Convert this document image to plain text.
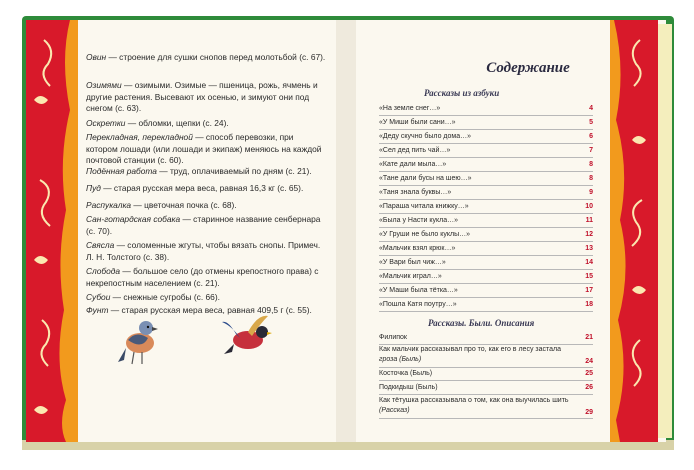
Овин — строение для сушки снопов перед молотьбой (с. 67).
Озимями — озимыми. Озимые — пшеница, рожь, ячмень и другие растения. Высевают их осенью, и зимуют они под снегом (с. 63).
Оскретки — обломки, щепки (с. 24).
Перекладная, перекладной — способ перевозки, при котором лошади (или лошади и экипаж) меняюсь на каждой почтовой станции (с. 60).
Подённая работа — труд, оплачиваемый по дням (с. 21).
Пуд — старая русская мера веса, равная 16,3 кг (с. 65).
Распукалка — цветочная почка (с. 68).
Сан-готардская собака — старинное название сенбернара (с. 70).
Свясла — соломенные жгуты, чтобы вязать снопы. Примеч. Л. Н. Толстого (с. 38).
Слобода — большое село (до отмены крепостного права) с некрепостным населением (с. 21).
Субои — снежные сугробы (с. 66).
Фунт — старая русская мера веса, равная 409,5 г (с. 55).
Содержание
Рассказы из азбуки
«На земле снег…»	4
«У Миши были сани…»	5
«Деду скучно было дома…»	6
«Сел дед пить чай…»	7
«Кате дали мыла…»	8
«Тане дали бусы на шею…»	8
«Таня знала буквы…»	9
«Параша читала книжку…»	10
«Была у Насти кукла…»	11
«У Груши не было куклы…»	12
«Мальчик взял крюк…»	13
«У Вари был чиж…»	14
«Мальчик играл…»	15
«У Маши была тётка…»	17
«Пошла Катя поутру…»	18
Рассказы. Были. Описания
Филипок	21
Как мальчик рассказывал про то, как его в лесу застала
гроза (Быль)	24
Косточка (Быль)	25
Подкидыш (Быль)	26
Как тётушка рассказывала о том, как она выучилась шить
(Рассказ)	29
